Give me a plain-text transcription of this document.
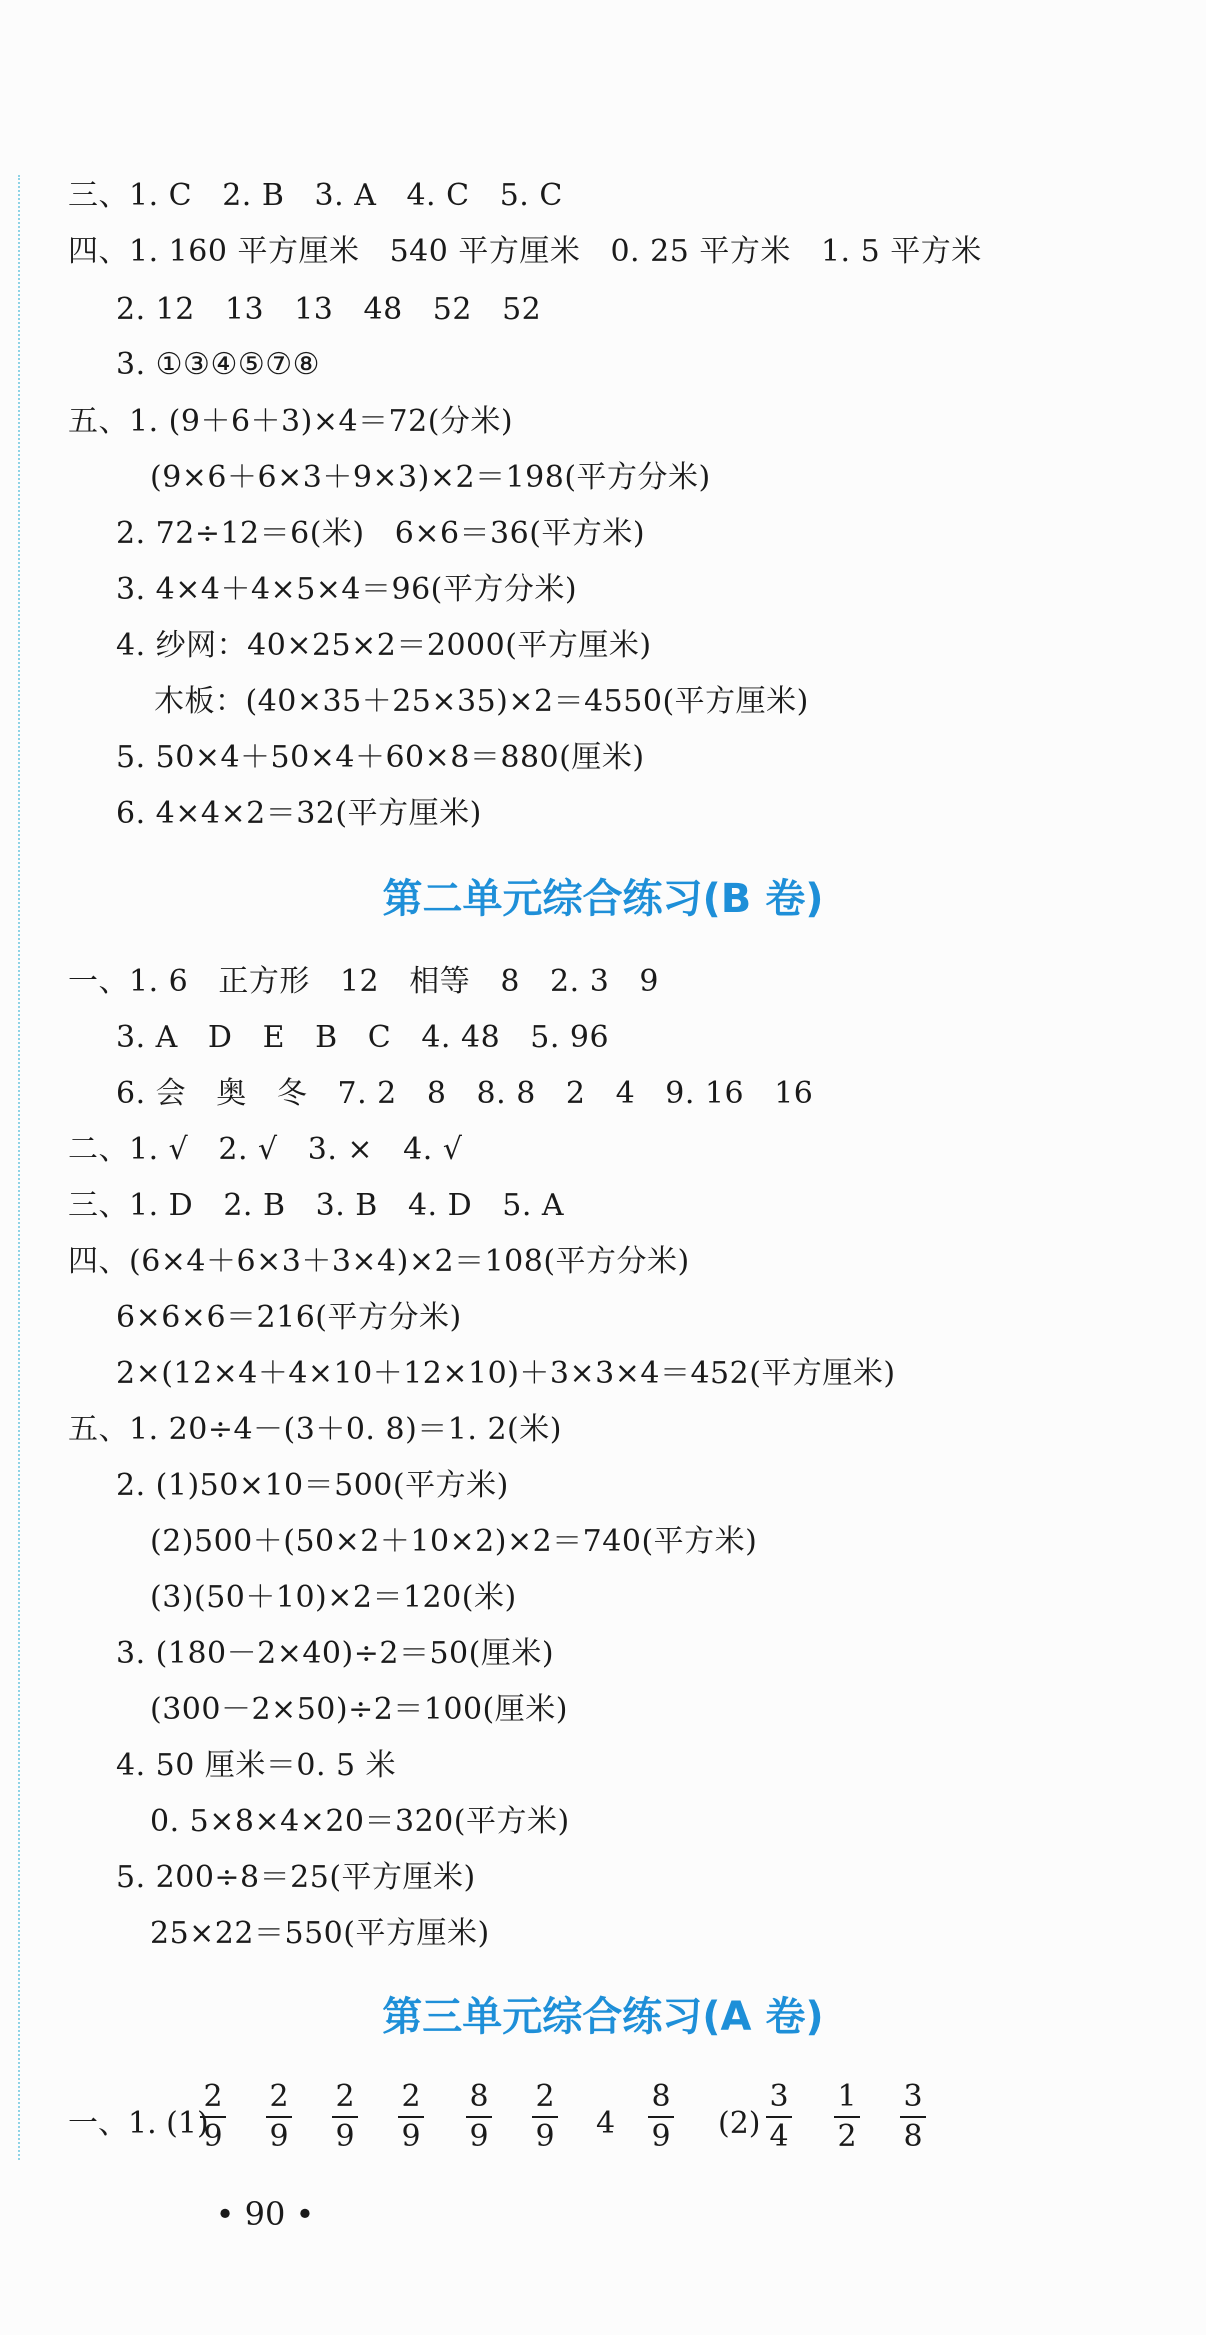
三、1. C   2. B   3. A   4. C   5. C
四、1. 160 平方厘米   540 平方厘米   0. 25 平方米   1. 5 平方米
2. 12   13   13   48   52   52
3. ①③④⑤⑦⑧
五、1. (9＋6＋3)×4＝72(分米)
(9×6＋6×3＋9×3)×2＝198(平方分米)
2. 72÷12＝6(米)   6×6＝36(平方米)
3. 4×4＋4×5×4＝96(平方分米)
4. 纱网：40×25×2＝2000(平方厘米)
木板：(40×35＋25×35)×2＝4550(平方厘米)
5. 50×4＋50×4＋60×8＝880(厘米)
6. 4×4×2＝32(平方厘米)
第二单元综合练习(B 卷)
一、1. 6   正方形   12   相等   8   2. 3   9
3. A   D   E   B   C   4. 48   5. 96
6. 会   奥   冬   7. 2   8   8. 8   2   4   9. 16   16
二、1. √   2. √   3. ×   4. √
三、1. D   2. B   3. B   4. D   5. A
四、(6×4＋6×3＋3×4)×2＝108(平方分米)
6×6×6＝216(平方分米)
2×(12×4＋4×10＋12×10)＋3×3×4＝452(平方厘米)
五、1. 20÷4－(3＋0. 8)＝1. 2(米)
2. (1)50×10＝500(平方米)
(2)500＋(50×2＋10×2)×2＝740(平方米)
(3)(50＋10)×2＝120(米)
3. (180－2×40)÷2＝50(厘米)
(300－2×50)÷2＝100(厘米)
4. 50 厘米＝0. 5 米
0. 5×8×4×20＝320(平方米)
5. 200÷8＝25(平方厘米)
25×22＝550(平方厘米)
第三单元综合练习(A 卷)
一、1. (1)
2
9
2
9
2
9
2
9
8
9
2
9 4
8
9 (2)
3
4
1
2
3
8
• 90 •
